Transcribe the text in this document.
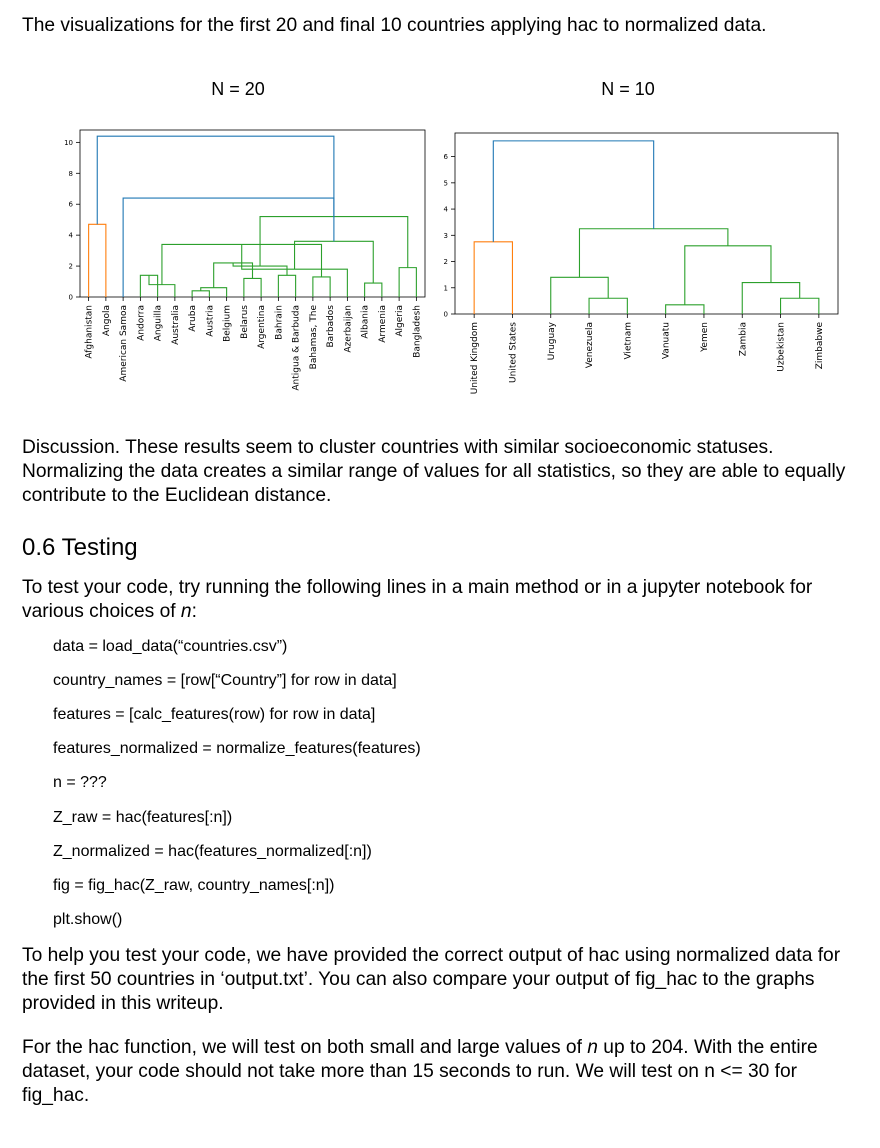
The visualizations for the first 20 and final 10 countries applying hac to normalized data.

N = 20	N = 10
0
2
4
6
8
10
Afghanistan Angola American Samoa Andorra Anguilla Australia Aruba Austria Belgium Belarus Argentina Bahrain Antigua & Barbuda Bahamas, The Barbados Azerbaijan Albania Armenia Algeria Bangladesh	0
1
2
3
4
5
6
United Kingdom	United States	Uruguay	Venezuela	Vietnam	Vanuatu	Yemen	Zambia	Uzbekistan	Zimbabwe

Discussion. These results seem to cluster countries with similar socioeconomic statuses. Normalizing the data creates a similar range of values for all statistics, so they are able to equally contribute to the Euclidean distance.

0.6 Testing

To test your code, try running the following lines in a main method or in a jupyter notebook for various choices of n:

data = load_data(“countries.csv”)

country_names = [row[“Country”] for row in data]

features = [calc_features(row) for row in data]

features_normalized = normalize_features(features)

n = ???

Z_raw = hac(features[:n])

Z_normalized = hac(features_normalized[:n])

fig = fig_hac(Z_raw, country_names[:n])

plt.show()

To help you test your code, we have provided the correct output of hac using normalized data for the first 50 countries in ‘output.txt’. You can also compare your output of fig_hac to the graphs provided in this writeup.

For the hac function, we will test on both small and large values of n up to 204. With the entire dataset, your code should not take more than 15 seconds to run. We will test on n <= 30 for fig_hac.
